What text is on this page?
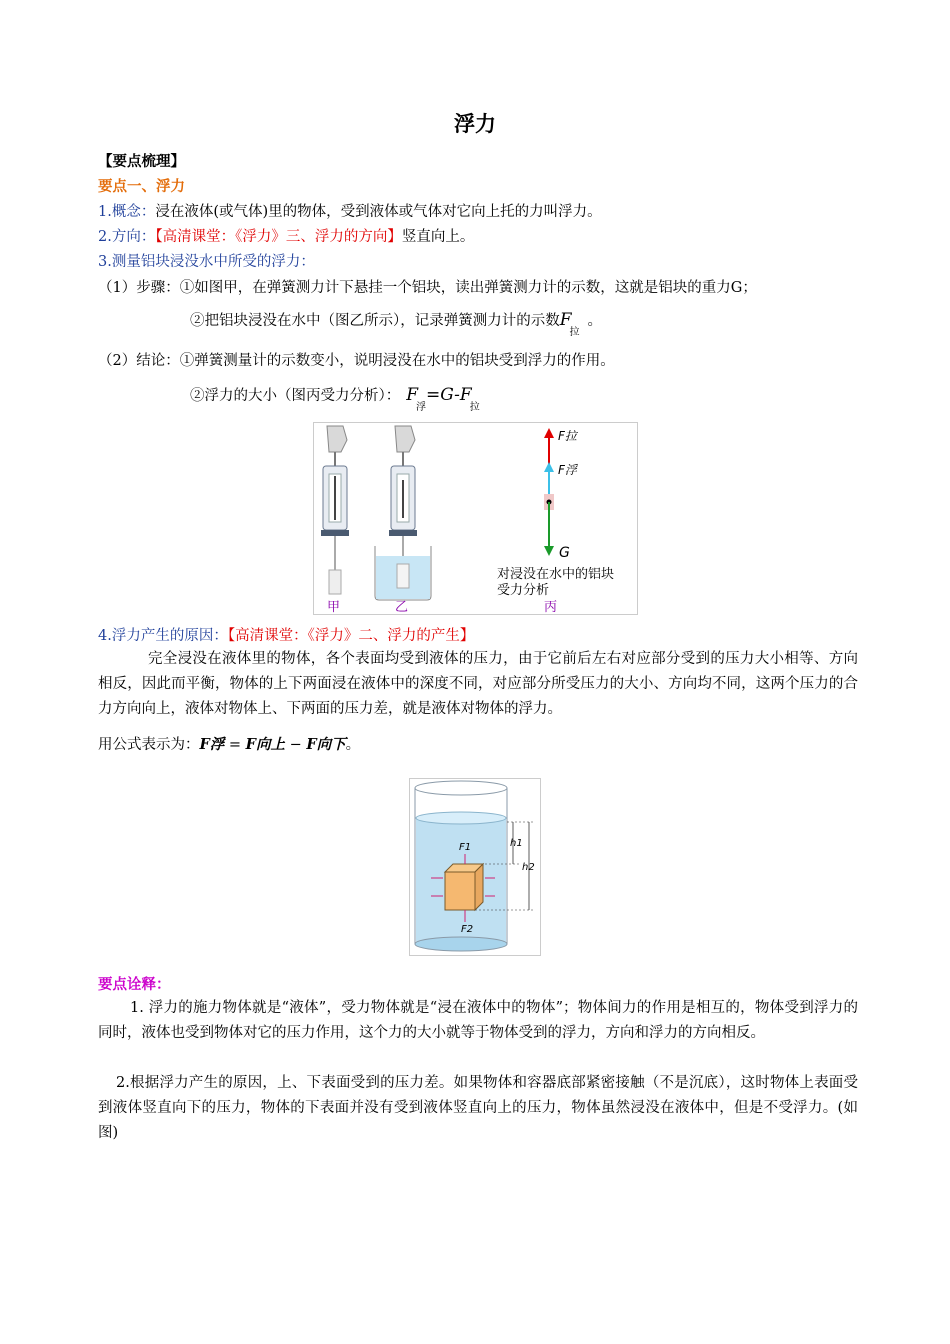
浮力
【要点梳理】
要点一、浮力
1.概念：浸在液体(或气体)里的物体，受到液体或气体对它向上托的力叫浮力。
2.方向：【高清课堂：《浮力》三、浮力的方向】竖直向上。
3.测量铝块浸没水中所受的浮力：
（1）步骤：①如图甲，在弹簧测力计下悬挂一个铝块，读出弹簧测力计的示数，这就是铝块的重力G；
②把铝块浸没在水中（图乙所示），记录弹簧测力计的示数$F_拉$。
（2）结论：①弹簧测量计的示数变小，说明浸没在水中的铝块受到浮力的作用。
②浮力的大小（图丙受力分析）： $F_浮=G-F_拉$
F拉
F浮
G
对浸没在水中的铝块
受力分析
甲	乙	丙
4.浮力产生的原因：【高清课堂：《浮力》二、浮力的产生】
完全浸没在液体里的物体，各个表面均受到液体的压力，由于它前后左右对应部分受到的压力大小相等、方向相反，因此而平衡，物体的上下两面浸在液体中的深度不同，对应部分所受压力的大小、方向均不同，这两个压力的合力方向向上，液体对物体上、下两面的压力差，就是液体对物体的浮力。
用公式表示为：F浮 = F向上 − F向下。
F1
F2
h1
h2
要点诠释：
1. 浮力的施力物体就是“液体”，受力物体就是“浸在液体中的物体”；物体间力的作用是相互的，物体受到浮力的同时，液体也受到物体对它的压力作用，这个力的大小就等于物体受到的浮力，方向和浮力的方向相反。
2.根据浮力产生的原因，上、下表面受到的压力差。如果物体和容器底部紧密接触（不是沉底），这时物体上表面受到液体竖直向下的压力，物体的下表面并没有受到液体竖直向上的压力，物体虽然浸没在液体中，但是不受浮力。(如图)
